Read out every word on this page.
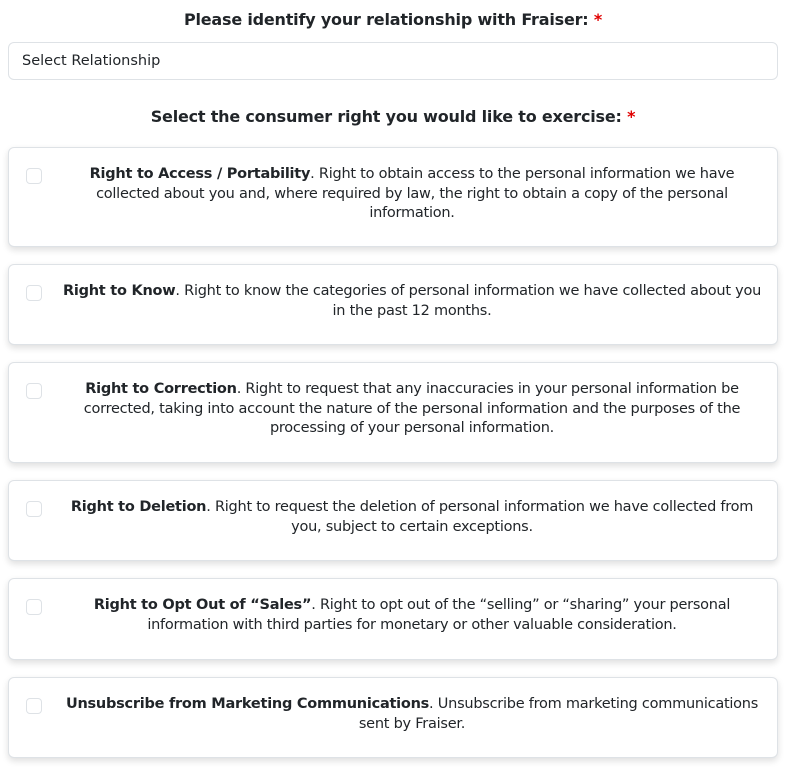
Please identify your relationship with Fraiser: *
Select Relationship
Select the consumer right you would like to exercise: *
Right to Access / Portability. Right to obtain access to the personal information we have collected about you and, where required by law, the right to obtain a copy of the personal information.
Right to Know. Right to know the categories of personal information we have collected about you in the past 12 months.
Right to Correction. Right to request that any inaccuracies in your personal information be corrected, taking into account the nature of the personal information and the purposes of the processing of your personal information.
Right to Deletion. Right to request the deletion of personal information we have collected from you, subject to certain exceptions.
Right to Opt Out of “Sales”. Right to opt out of the “selling” or “sharing” your personal information with third parties for monetary or other valuable consideration.
Unsubscribe from Marketing Communications. Unsubscribe from marketing communications sent by Fraiser.
